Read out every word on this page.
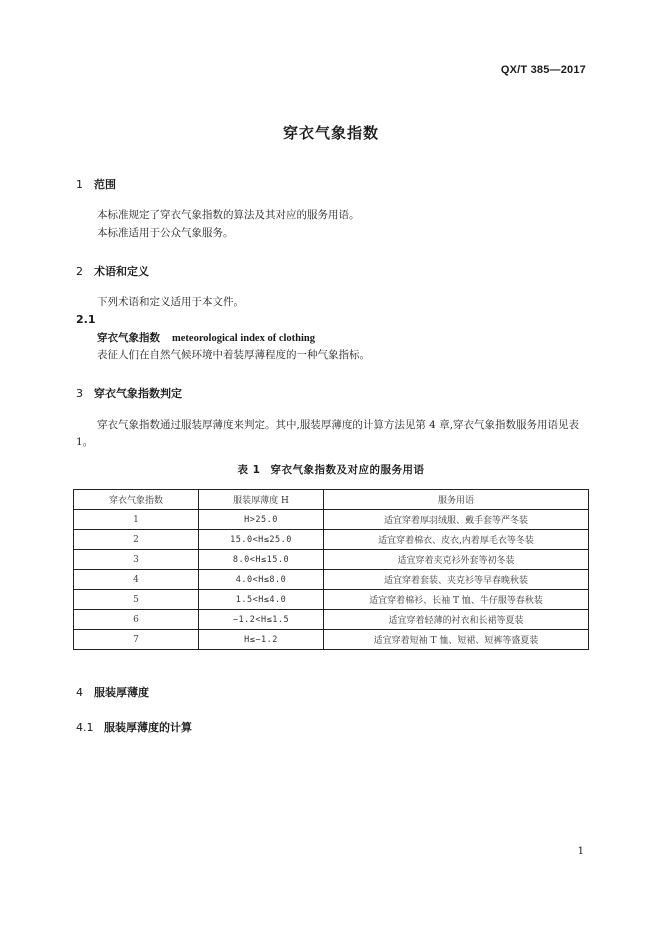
QX/T 385—2017
穿衣气象指数
1 范围
本标准规定了穿衣气象指数的算法及其对应的服务用语。
本标准适用于公众气象服务。
2 术语和定义
下列术语和定义适用于本文件。
2.1
穿衣气象指数 meteorological index of clothing
表征人们在自然气候环境中着装厚薄程度的一种气象指标。
3 穿衣气象指数判定
穿衣气象指数通过服装厚薄度来判定。其中,服装厚薄度的计算方法见第 4 章,穿衣气象指数服务用语见表 1。
表 1 穿衣气象指数及对应的服务用语
穿衣气象指数	服装厚薄度 H	服务用语
1	H>25.0	适宜穿着厚羽绒服、戴手套等严冬装
2	15.0<H≤25.0	适宜穿着棉衣、皮衣,内着厚毛衣等冬装
3	8.0<H≤15.0	适宜穿着夹克衫外套等初冬装
4	4.0<H≤8.0	适宜穿着套装、夹克衫等早春晚秋装
5	1.5<H≤4.0	适宜穿着棉衫、长袖 T 恤、牛仔服等春秋装
6	−1.2<H≤1.5	适宜穿着轻薄的衬衣和长裙等夏装
7	H≤−1.2	适宜穿着短袖 T 恤、短裙、短裤等盛夏装
4 服装厚薄度
4.1 服装厚薄度的计算
1
